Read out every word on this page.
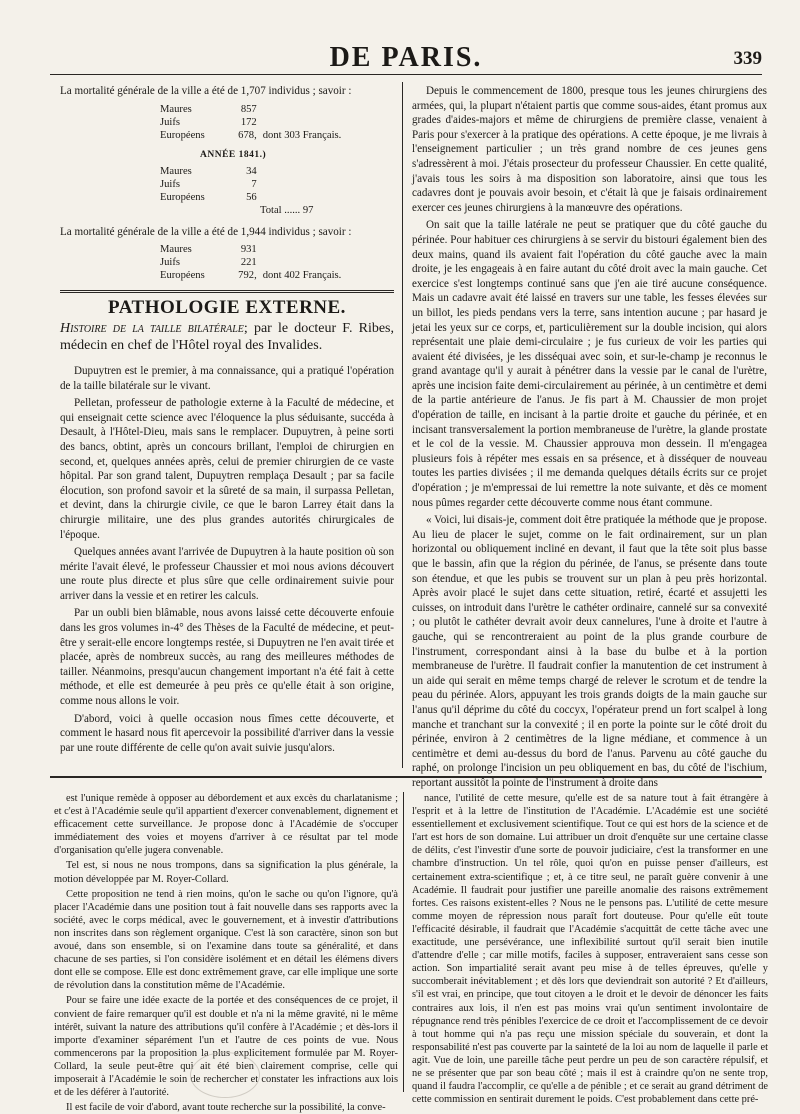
DE PARIS.	339
La mortalité générale de la ville a été de 1,707 individus ; savoir :
Maures	857	
Juifs	172	
Européens	678,	dont 303 Français.
ANNÉE 1841.)
Maures	34	
Juifs	7	
Européens	56	
Total ...... 97
La mortalité générale de la ville a été de 1,944 individus ; savoir :
Maures	931	
Juifs	221	
Européens	792,	dont 402 Français.
PATHOLOGIE EXTERNE.
Histoire de la taille bilatérale; par le docteur F. Ribes, médecin en chef de l'Hôtel royal des Invalides.

Dupuytren est le premier, à ma connaissance, qui a pratiqué l'opération de la taille bilatérale sur le vivant.

Pelletan, professeur de pathologie externe à la Faculté de médecine, et qui enseignait cette science avec l'éloquence la plus séduisante, succéda à Desault, à l'Hôtel-Dieu, mais sans le remplacer. Dupuytren, à peine sorti des bancs, obtint, après un concours brillant, l'emploi de chirurgien en second, et, quelques années après, celui de premier chirurgien de ce vaste hôpital. Par son grand talent, Dupuytren remplaça Desault ; par sa facile élocution, son profond savoir et la sûreté de sa main, il surpassa Pelletan, et devint, dans la chirurgie civile, ce que le baron Larrey était dans la chirurgie militaire, une des plus grandes autorités chirurgicales de l'époque.

Quelques années avant l'arrivée de Dupuytren à la haute position où son mérite l'avait élevé, le professeur Chaussier et moi nous avions découvert une route plus directe et plus sûre que celle ordinairement suivie pour arriver dans la vessie et en retirer les calculs.

Par un oubli bien blâmable, nous avons laissé cette découverte enfouie dans les gros volumes in-4° des Thèses de la Faculté de médecine, et peut-être y serait-elle encore longtemps restée, si Dupuytren ne l'en avait tirée et placée, après de nombreux succès, au rang des meilleures méthodes de tailler. Néanmoins, presqu'aucun changement important n'a été fait à cette méthode, et elle est demeurée à peu près ce qu'elle était à son origine, comme nous allons le voir.

D'abord, voici à quelle occasion nous fîmes cette découverte, et comment le hasard nous fit apercevoir la possibilité d'arriver dans la vessie par une route différente de celle qu'on avait suivie jusqu'alors.

Depuis le commencement de 1800, presque tous les jeunes chirurgiens des armées, qui, la plupart n'étaient partis que comme sous-aides, étant promus aux grades d'aides-majors et même de chirurgiens de première classe, venaient à Paris pour s'exercer à la pratique des opérations. A cette époque, je me livrais à l'enseignement particulier ; un très grand nombre de ces jeunes gens s'adressèrent à moi. J'étais prosecteur du professeur Chaussier. En cette qualité, j'avais tous les soirs à ma disposition son laboratoire, ainsi que tous les cadavres dont je pouvais avoir besoin, et c'était là que je faisais ordinairement exercer ces jeunes chirurgiens à la manœuvre des opérations.

On sait que la taille latérale ne peut se pratiquer que du côté gauche du périnée. Pour habituer ces chirurgiens à se servir du bistouri également bien des deux mains, quand ils avaient fait l'opération du côté gauche avec la main droite, je les engageais à en faire autant du côté droit avec la main gauche. Cet exercice s'est longtemps continué sans que j'en aie tiré aucune conséquence. Mais un cadavre avait été laissé en travers sur une table, les fesses élevées sur un billot, les pieds pendans vers la terre, sans intention aucune ; par hasard je jetai les yeux sur ce corps, et, particulièrement sur la double incision, qui alors représentait une plaie demi-circulaire ; je fus curieux de voir les parties qui avaient été divisées, je les disséquai avec soin, et sur-le-champ je reconnus le grand avantage qu'il y aurait à pénétrer dans la vessie par le canal de l'urètre, après une incision faite demi-circulairement au périnée, à un centimètre et demi de la partie antérieure de l'anus. Je fis part à M. Chaussier de mon projet d'opération de taille, en incisant à la partie droite et gauche du périnée, et en incisant transversalement la portion membraneuse de l'urètre, la glande prostate et le col de la vessie. M. Chaussier approuva mon dessein. Il m'engagea plusieurs fois à répéter mes essais en sa présence, et à disséquer de nouveau toutes les parties divisées ; il me demanda quelques détails écrits sur ce projet d'opération ; je m'empressai de lui remettre la note suivante, et dès ce moment nous pûmes regarder cette découverte comme nous étant commune.

« Voici, lui disais-je, comment doit être pratiquée la méthode que je propose. Au lieu de placer le sujet, comme on le fait ordinairement, sur un plan horizontal ou obliquement incliné en devant, il faut que la tête soit plus basse que le bassin, afin que la région du périnée, de l'anus, se présente dans toute son étendue, et que les pubis se trouvent sur un plan à peu près horizontal. Après avoir placé le sujet dans cette situation, retiré, écarté et assujetti les cuisses, on introduit dans l'urètre le cathéter ordinaire, cannelé sur sa convexité ; ou plutôt le cathéter devrait avoir deux cannelures, l'une à droite et l'autre à gauche, qui se rencontreraient au point de la plus grande courbure de l'instrument, correspondant ainsi à la base du bulbe et à la portion membraneuse de l'urètre. Il faudrait confier la manutention de cet instrument à un aide qui serait en même temps chargé de relever le scrotum et de tendre la peau du périnée. Alors, appuyant les trois grands doigts de la main gauche sur l'anus qu'il déprime du côté du coccyx, l'opérateur prend un fort scalpel à long manche et tranchant sur la convexité ; il en porte la pointe sur le côté droit du périnée, environ à 2 centimètres de la ligne médiane, et commence à un centimètre et demi au-dessus du bord de l'anus. Parvenu au côté gauche du raphé, on prolonge l'incision un peu obliquement en bas, du côté de l'ischium, reportant aussitôt la pointe de l'instrument à droite dans

est l'unique remède à opposer au débordement et aux excès du charlatanisme ; et c'est à l'Académie seule qu'il appartient d'exercer convenablement, dignement et efficacement cette surveillance. Je propose donc à l'Académie de s'occuper immédiatement des voies et moyens d'arriver à ce résultat par tel mode d'organisation qu'elle jugera convenable.

Tel est, si nous ne nous trompons, dans sa signification la plus générale, la motion développée par M. Royer-Collard.

Cette proposition ne tend à rien moins, qu'on le sache ou qu'on l'ignore, qu'à placer l'Académie dans une position tout à fait nouvelle dans ses rapports avec la société, avec le corps médical, avec le gouvernement, et à investir d'attributions non inscrites dans son règlement organique. C'est là son caractère, sinon son but avoué, dans son ensemble, si on l'examine dans toute sa généralité, et dans chacune de ses parties, si l'on considère isolément et en détail les élémens divers dont elle se compose. Elle est donc extrêmement grave, car elle implique une sorte de révolution dans la constitution même de l'Académie.

Pour se faire une idée exacte de la portée et des conséquences de ce projet, il convient de faire remarquer qu'il est double et n'a ni la même gravité, ni le même intérêt, suivant la nature des attributions qu'il confère à l'Académie ; et dès-lors il importe d'examiner séparément l'un et l'autre de ces points de vue. Nous commencerons par la proposition la plus explicitement formulée par M. Royer-Collard, la seule peut-être qui ait été bien clairement comprise, celle qui imposerait à l'Académie le soin de rechercher et constater les infractions aux lois et de les déférer à l'autorité.

Il est facile de voir d'abord, avant toute recherche sur la possibilité, la conve-

nance, l'utilité de cette mesure, qu'elle est de sa nature tout à fait étrangère à l'esprit et à la lettre de l'institution de l'Académie. L'Académie est une société essentiellement et exclusivement scientifique. Tout ce qui est hors de la science et de l'art est hors de son domaine. Lui attribuer un droit d'enquête sur une certaine classe de délits, c'est l'investir d'une sorte de pouvoir judiciaire, c'est la transformer en une chambre d'instruction. Un tel rôle, quoi qu'on en puisse penser d'ailleurs, est certainement extra-scientifique ; et, à ce titre seul, ne paraît guère convenir à une Académie. Il faudrait pour justifier une pareille anomalie des raisons extrêmement fortes. Ces raisons existent-elles ? Nous ne le pensons pas. L'utilité de cette mesure comme moyen de répression nous paraît fort douteuse. Pour qu'elle eût toute l'efficacité désirable, il faudrait que l'Académie s'acquittât de cette tâche avec une exactitude, une persévérance, une inflexibilité surtout qu'il serait bien inutile d'attendre d'elle ; car mille motifs, faciles à supposer, entraveraient sans cesse son action. Son impartialité serait avant peu mise à de telles épreuves, qu'elle y succomberait inévitablement ; et dès lors que deviendrait son autorité ? Et d'ailleurs, s'il est vrai, en principe, que tout citoyen a le droit et le devoir de dénoncer les faits contraires aux lois, il n'en est pas moins vrai qu'un sentiment involontaire de répugnance rend très pénibles l'exercice de ce droit et l'accomplissement de ce devoir à tout homme qui n'a pas reçu une mission spéciale du souverain, et dont la responsabilité n'est pas couverte par la sainteté de la loi au nom de laquelle il parle et agit. Vue de loin, une pareille tâche peut perdre un peu de son caractère répulsif, et ne se présenter que par son beau côté ; mais il est à craindre qu'on ne sente trop, quand il faudra l'accomplir, ce qu'elle a de pénible ; et ce serait au grand détriment de cette commission en sentirait durement le poids. C'est probablement dans cette pré-
